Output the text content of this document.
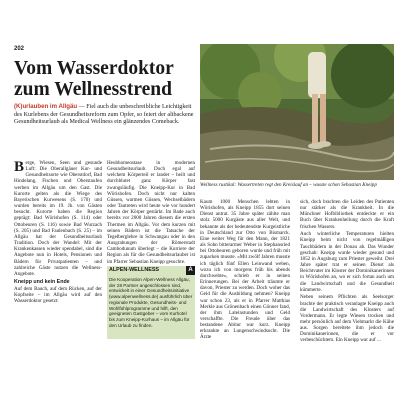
202
Vom Wasserdoktor zum Wellnesstrend

(K)urlauben im Allgäu — Fiel auch die unbeschreibliche Leichtigkeit des Kurlebens der Gesundheitsreform zum Opfer, so feiert der altbackene Gesundheitsurlaub als Medical Wellness ein glänzendes Comeback.

Wellness rustikal: Wassertreten regt den Kreislauf an – wusste schon Sebastian Kneipp

Berge, Wiesen, Seen und gesunde Luft: Die Oberallgäuer Kur- und Gesundheitsorte wie Oberstdorf, Bad Hindelang, Fischen und Oberstaufen werben im Allgäu um den Gast. Die Kurorte gelten als die Wiege des Bayerischen Kurwesens (S. 170) und wurden bereits im 19. Jh. von Gästen besucht. Kurorte haben die Region geprägt: Bad Wörishofen (S. 114) oder Ottobeuren (S. 116) sowie Bad Wurzach (S. 205) und Bad Faulenbach (S. 25) – im Allgäu hat der Gesundheitsurlaub Tradition. Doch der Wandel: Mit der Krankenkassen wieder spendabel, sind die Angebote nun in Hotels, Pensionen und Bädern für Privatpatienten – und zahlreiche Gäste nutzen die Wellness-Angebote.

Kneipp und kein Ende

Auf dem Bauch, auf dem Rücken, auf der Kopfseite – im Allgäu wird auf den Wasserdoktor gesetzt:

Heubhomeostase in modernen Gesundheitsurlaub. Doch egal auf welchem Körperteil er landet – heilt und durchblutet ganz Körper fast zwangsläufig. Die Kneipp-Kur in Bad Wörishofen. Doch nicht nur kalten Güssen, warmen Güssen, Wechselbädern oder Tautreten wird heute wie vor hundert Jahren der Körper gestärkt. Im Bade auch bereits vor 2000 Jahren diesem die ersten Thermen im Allgäu. Vor dem kurzen mit seinen Bädern ist die Tatsache der Tegelberglehre in Schwangau oder in den Ausgrabungen der Römerstadt Cambodunum überlegt – die Kurriere der Region als für die Gesundheitsurlauber ist im Pfarrer Sebastian Kneipp gesuchte.

ALPEN-WELLNESS	A

Die Kooperation Alpen-Wellness Allgäu, der 28 Partner angeschlossen sind, entwickelt in einer Gesundheitsinitiative (www.alpenwellness.de) ausführlich über regionale Produkte, Gesundheits- und Wohlfühlprogramme und hilft, den geeigneten Gastgeber – vom Kurhotel bis zum Kneipp-Kurhaus – im Allgäu für den Urlaub zu finden.

Kaum 1000 Menschen lebten in Wörishofen, als Kneipp 1855 dort seinen Dienst antrat. 35 Jahre später zählte man stolz 5000 Kurgäste aus aller Welt, und bekannte als der bedeutendste Kurgeistliche in Deutschland zur Otto von Bismarck. Eine weiter Weg für den Mann, der 1821 als Sohn bitterarmer Weber in Stephansried bei Ottobeuren geboren wurde und früh mit zupacken musste. »Mit zwölf Jahren musste ich täglich fünf Ellen Leinwand weben, wozu ich von morgens früh bis abends durchwebte«, schrieb er in seinen Erinnerungen. Bei der Arbeit träumte er davon, Priester zu werden. Doch woher das Geld für die Ausbildung nehmen? Kneipp war schon 23, als er in Pfarrer Matthias Merkle aus Grönenbach einen Gönner fand, der ihm Lateinstunden und Geld verschaffte. Die Freude über das bestandene Abitur war kurz. Kneipp erkrankte an Lungenschwindsucht. Die Ärzte

sich, doch brachten die Leiden des Patienten nur stärker als die Krankheit. In die Münchner Hofbibliothek entdeckte er ein Buch über Krankenheilung durch die Kraft frischen Wassers.

Auch winterliche Temperaturen hielten Kneipp beim nicht von regelmäßigen Tauchbädern in der Donau ab. Das Wunder geschah: Kneipp wurde wieder gesund und 1852 in Augsburg zum Priester geweiht. Drei Jahre später trat er seinen Dienst als Beichtvater im Kloster der Dominikanerinnen in Wörishofen an, wo er sich fortan auch um die Landwirtschaft und die Gesundheit kümmerte.

Neben seinem Pflichten als Seelsorger brachte der praktisch veranlagte Kneipp auch die Landwirtschaft des Klosters auf Vordermann. Er legte Wiesen trocken und mehr persönlich auf dem Viehmarkt die Kühe aus. Sorgen bereitete ihm jedoch die Dominikanerinnen, die er vor verbeschüchtem. Ein Kneipp war auf ...
